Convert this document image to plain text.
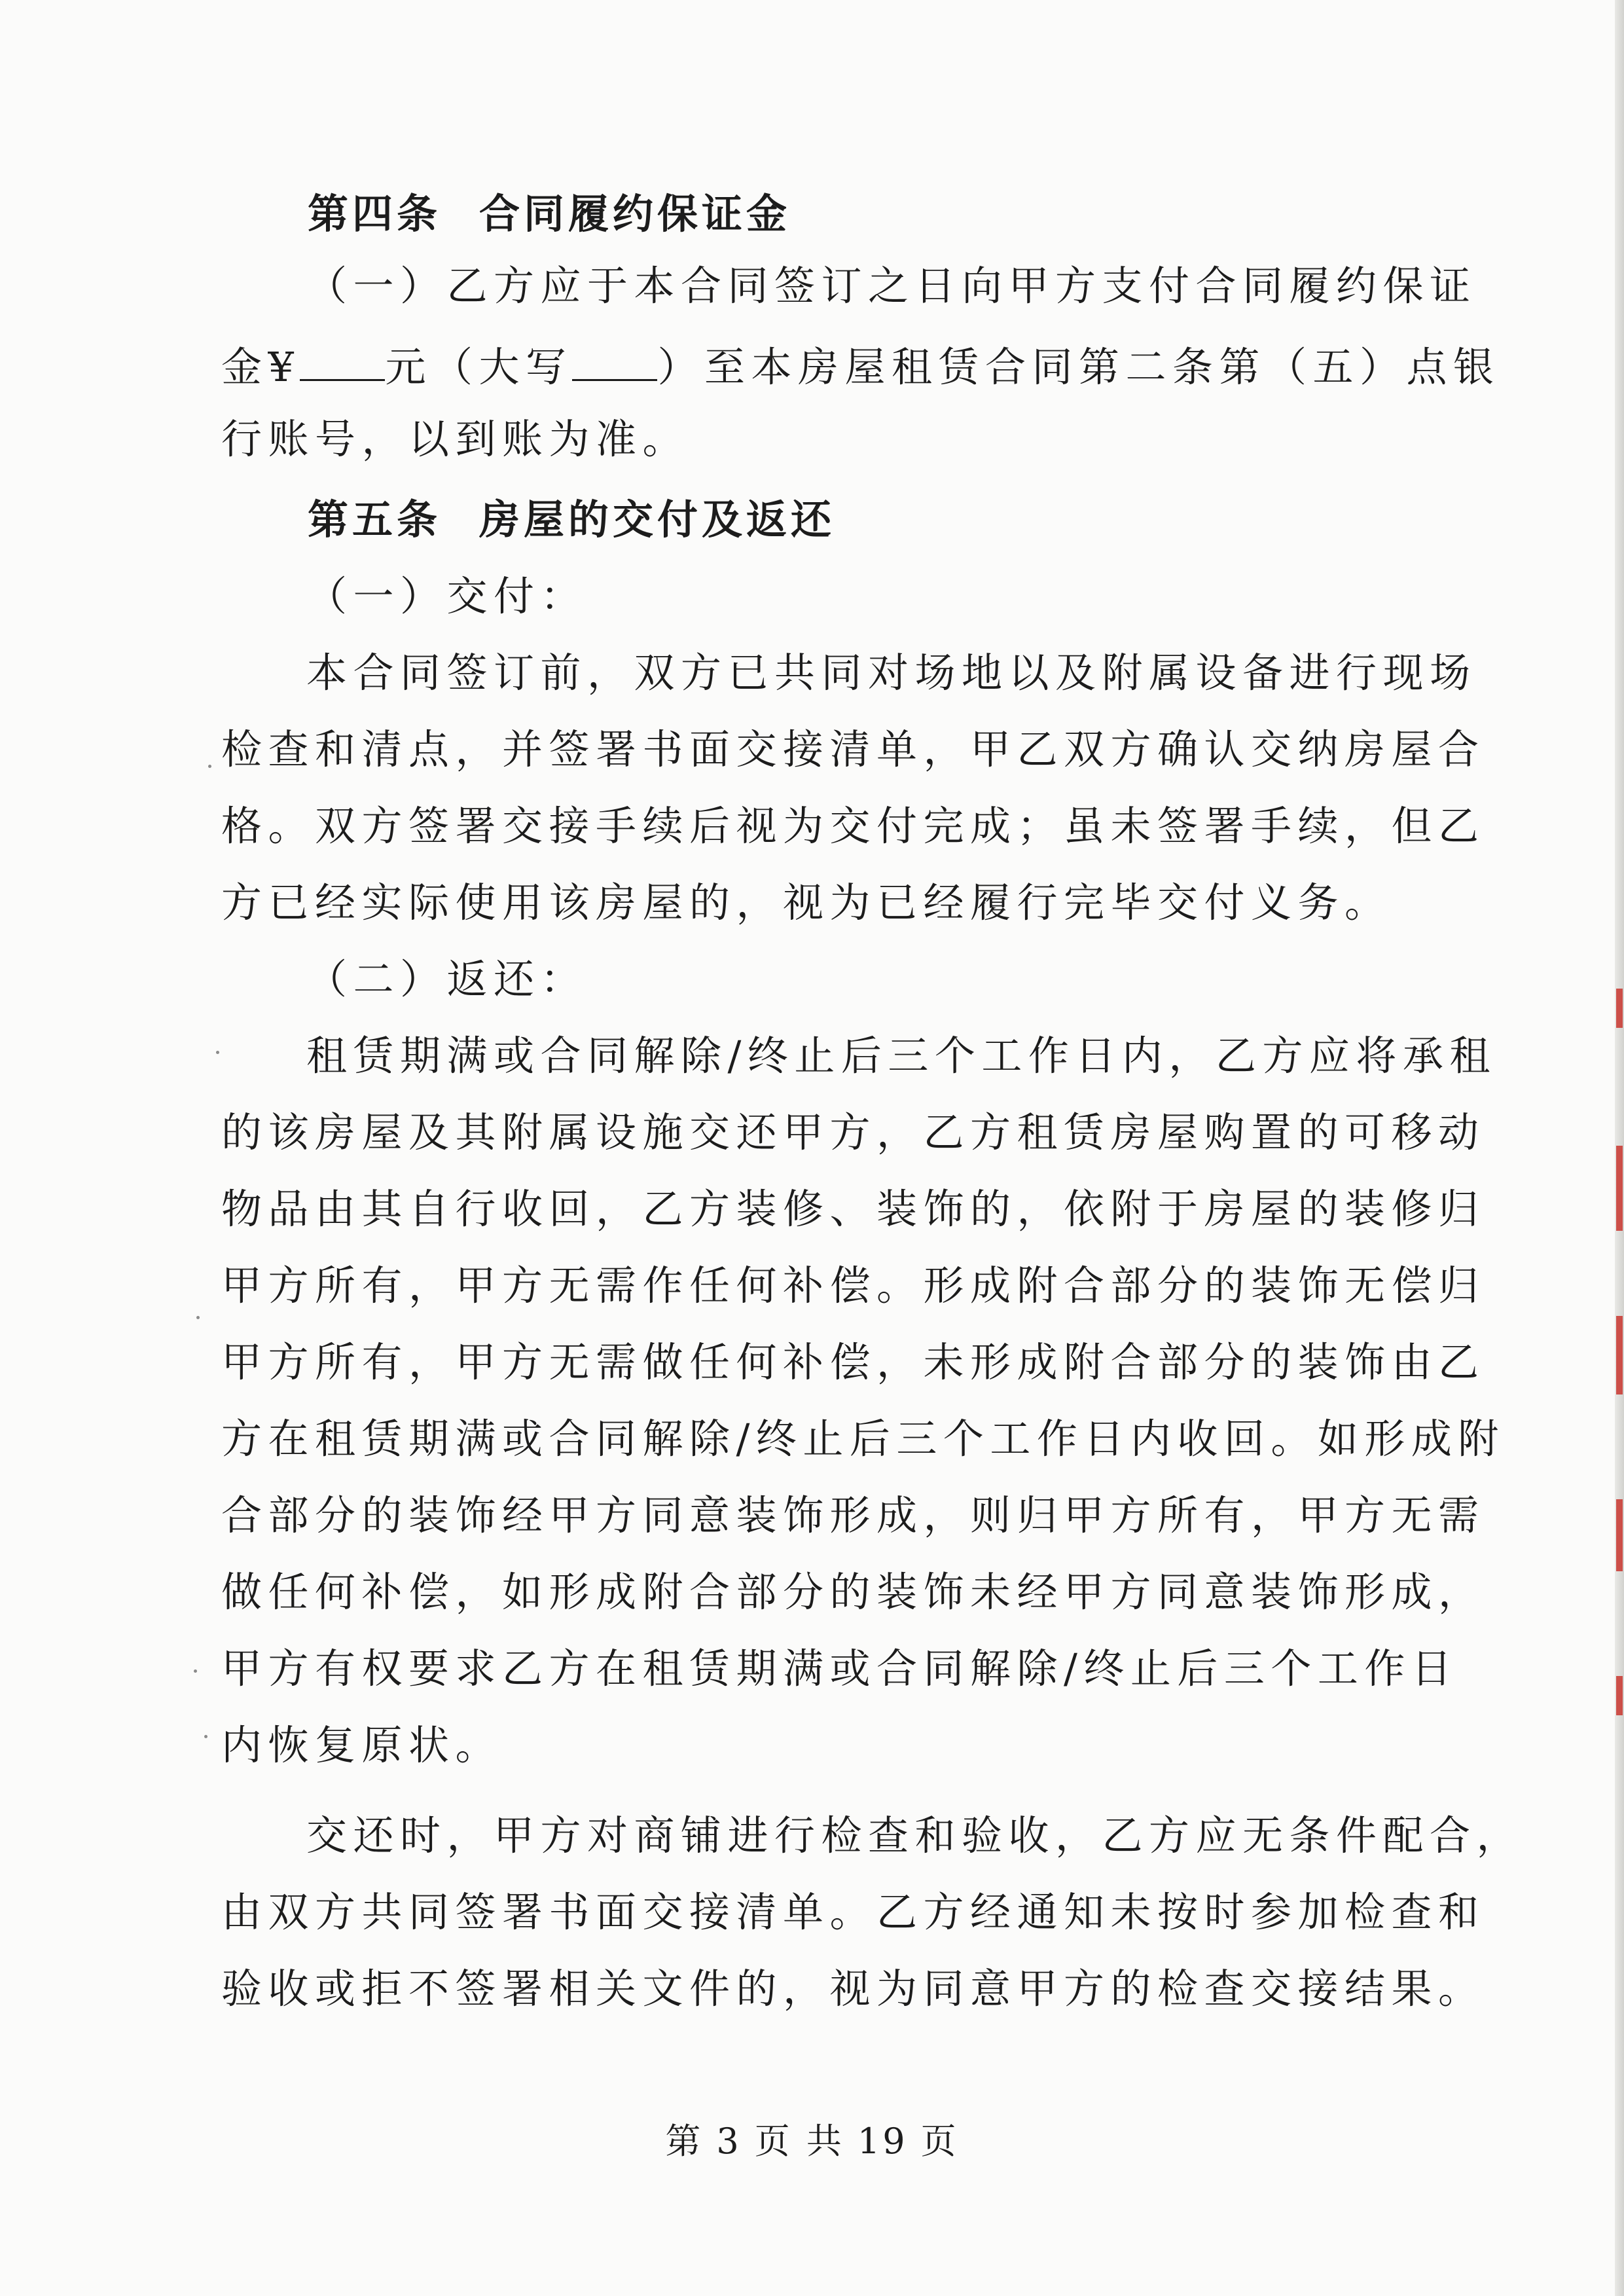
第四条 合同履约保证金
（一）乙方应于本合同签订之日向甲方支付合同履约保证
金¥ 元（大写 ）至本房屋租赁合同第二条第（五）点银
行账号，以到账为准。
第五条 房屋的交付及返还
（一）交付：
本合同签订前，双方已共同对场地以及附属设备进行现场
检查和清点，并签署书面交接清单，甲乙双方确认交纳房屋合
格。双方签署交接手续后视为交付完成；虽未签署手续，但乙
方已经实际使用该房屋的，视为已经履行完毕交付义务。
（二）返还：
租赁期满或合同解除/终止后三个工作日内，乙方应将承租
的该房屋及其附属设施交还甲方，乙方租赁房屋购置的可移动
物品由其自行收回，乙方装修、装饰的，依附于房屋的装修归
甲方所有，甲方无需作任何补偿。形成附合部分的装饰无偿归
甲方所有，甲方无需做任何补偿，未形成附合部分的装饰由乙
方在租赁期满或合同解除/终止后三个工作日内收回。如形成附
合部分的装饰经甲方同意装饰形成，则归甲方所有，甲方无需
做任何补偿，如形成附合部分的装饰未经甲方同意装饰形成，
甲方有权要求乙方在租赁期满或合同解除/终止后三个工作日
内恢复原状。
交还时，甲方对商铺进行检查和验收，乙方应无条件配合，
由双方共同签署书面交接清单。乙方经通知未按时参加检查和
验收或拒不签署相关文件的，视为同意甲方的检查交接结果。
第 3 页 共 19 页
